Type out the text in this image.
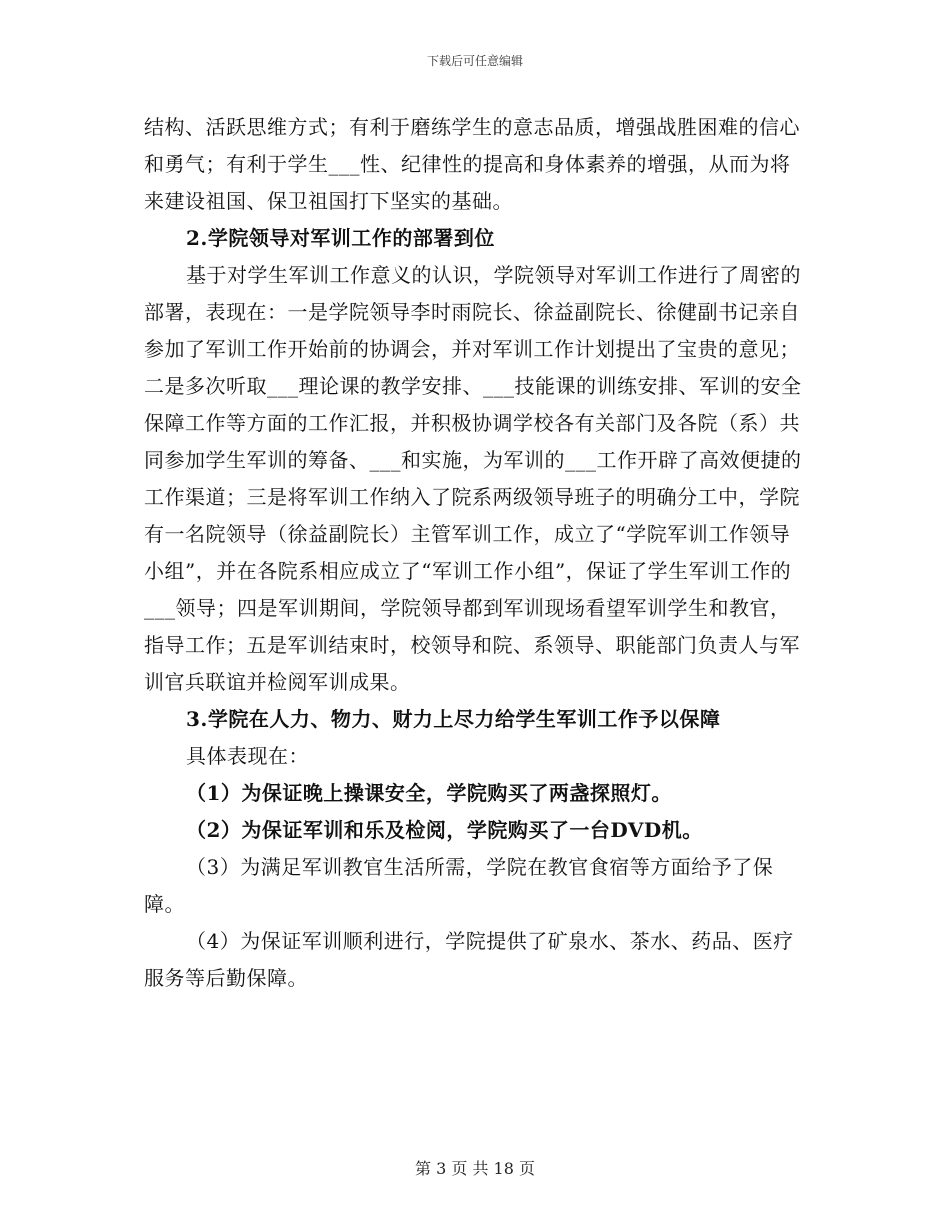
下载后可任意编辑

结构、活跃思维方式；有利于磨练学生的意志品质，增强战胜困难的信心和勇气；有利于学生___性、纪律性的提高和身体素养的增强，从而为将来建设祖国、保卫祖国打下坚实的基础。

2.学院领导对军训工作的部署到位

基于对学生军训工作意义的认识，学院领导对军训工作进行了周密的部署，表现在：一是学院领导李时雨院长、徐益副院长、徐健副书记亲自参加了军训工作开始前的协调会，并对军训工作计划提出了宝贵的意见；二是多次听取___理论课的教学安排、___技能课的训练安排、军训的安全保障工作等方面的工作汇报，并积极协调学校各有关部门及各院（系）共同参加学生军训的筹备、___和实施，为军训的___工作开辟了高效便捷的工作渠道；三是将军训工作纳入了院系两级领导班子的明确分工中，学院有一名院领导（徐益副院长）主管军训工作，成立了“学院军训工作领导小组”，并在各院系相应成立了“军训工作小组”，保证了学生军训工作的___领导；四是军训期间，学院领导都到军训现场看望军训学生和教官，指导工作；五是军训结束时，校领导和院、系领导、职能部门负责人与军训官兵联谊并检阅军训成果。

3.学院在人力、物力、财力上尽力给学生军训工作予以保障

具体表现在：

（1）为保证晚上操课安全，学院购买了两盏探照灯。

（2）为保证军训和乐及检阅，学院购买了一台DVD机。

（3）为满足军训教官生活所需，学院在教官食宿等方面给予了保障。

（4）为保证军训顺利进行，学院提供了矿泉水、茶水、药品、医疗服务等后勤保障。

第 3 页 共 18 页
